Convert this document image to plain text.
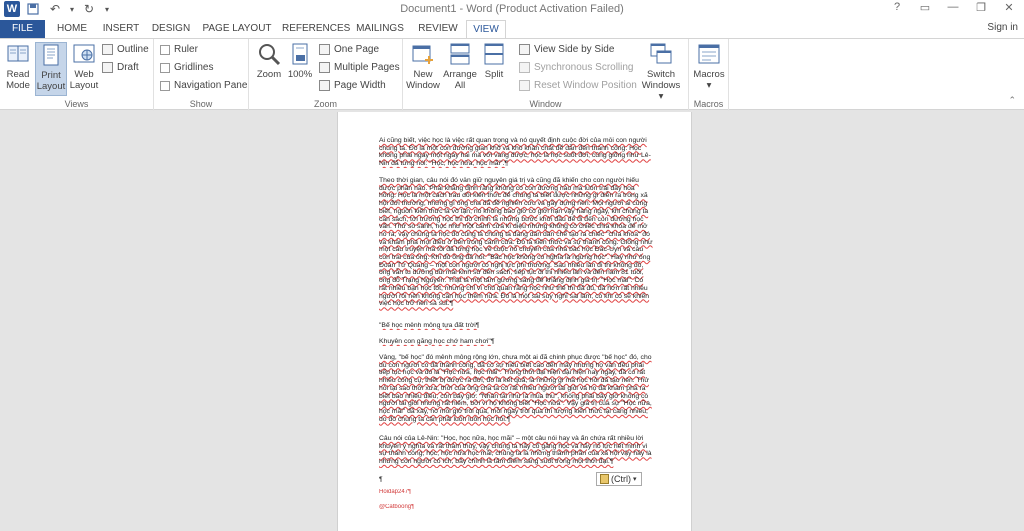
W	↶	▾ ↻	▾	Document1 - Word (Product Activation Failed)	?	▭	—	❐	✕
FILE	HOME	INSERT DESIGN PAGE LAYOUT REFERENCES MAILINGS REVIEW	VIEW	Sign in
Read Mode
Print Layout
Web Layout
Outline
Draft
Views
Ruler
Gridlines
Navigation Pane
Show
Zoom 100%
One Page
Multiple Pages
Page Width
Zoom
New Window
Arrange All
Split
View Side by Side
Synchronous Scrolling
Reset Window Position
Switch Windows ▾
Window
Macros ▾
Macros	⌃
Ai cũng biết, việc học là việc rất quan trọng và nó quyết định cuộc đời của mỗi con người chúng ta. Đó là một con đường gian khổ và khó khăn chắt để dẫn đến thành công. Học không phải ngày một ngày hai mà với vàng được, học là học suốt đời, cũng giống như Lê-Nin đã từng nói: "Học, học nữa, học mãi".¶
Theo thời gian, câu nói đó vẫn giữ nguyên giá trị và cũng đã khiến cho con người hiểu được phần nào. Phải khẳng định rằng không có con đường nào mà luôn trải đầy hoa hồng. Học là một cách trau dồi kiến thức để chúng ta biết được những gì diễn ra trong xã hội đời thường, những gì ông cha đã để nghiên cứu và gầy dựng nên. Mọi người ai cũng biết, nguồn kiến thức là vô tận, nó không bao giờ có giới hạn vậy hàng ngày, khi chúng ta cần sách, tới trường học thì đó chính là những bước khởi đầu để đi đến con đường học vấn. Thử so sánh, học như một cánh cửa kì diệu nhưng không có chiếc chìa khóa để mở nó ra, vậy chúng ta học đó cũng là chúng ta đang dần dần chế tạo ra chiếc "chìa khóa" đó và khám phá mọi điều ở bên trong cánh cửa. Đó là kiến thức và sự thành công. Giống như một câu truyện mà tôi đã từng học về cuộc nỗ chuyến của nhà bác học Đác-Uyn và câu con trai của ông. Khi đó ông đã nói: "Bác học không có nghĩa là ngừng học". Hay như ông Đoàn Tử Quang – một con người có nghị lực phi thường. Sau nhiều lần đi thi không đỗ, ông vẫn tu dưỡng dùi mài kinh sử đèn sách, tiếp tục đi thi nhiều lần và đến năm 81 tuổi, ông đỗ Trạng Nguyên. Thật là một tấm gương sáng để khẳng định giá trị: "Học mãi". Có rất nhiều bạn học tốt, nhưng chỉ vì chủ quan rằng học như thế thì đã đủ, đã hơn rất nhiều người rồi nên không cần học thêm nữa. Đó là một sai suy nghĩ sai lầm, có khi có sẽ khiến việc học trở nên sa sút.¶
"Bể học mênh mông tựa đất trời¶
Khuyên con gắng học chớ ham chơi"¶
Vâng, "bể học" đó mênh mông rộng lớn, chưa một ai đã chinh phục được "bể học" đó, cho dù con người có đã thành công, đã có sự hiểu biết cao đến mấy nhưng họ vẫn đều phải tiếp tục học và đó là "Học nữa, học mãi". Trong thời đại hiện đại hiện nay ngày, đã có rất nhiều công cụ, thiết bị được ra đời, đó là kết quả, là những gì mà học hỏi đã tạo nên. Thử hỏi tại sao thời xưa, thời của ông cha ta có rất nhiều người tài giỏi và họ đã khám phá ra biết bao nhiêu điều, còn bây giờ: "Nhân tài như lá mùa thu", không phải bây giờ không có người tài giỏi nhưng rất hiếm, bởi vì họ không biết "Học nữa". Vậy giá trị của sự "Học nữa, học mãi" đã xây, nó mỗi giờ trôi qua, mỗi ngày trôi qua thì lượng kiến thức lại càng nhiều, do đó chúng ta cần phải luôn luôn học hỏi.¶
Câu nói của Lê-Nin: "Học, học nữa, học mãi" – một câu nói hay và ẩn chứa rất nhiều lời khuyên ý nghĩa và rất thâm thúy, vậy chúng ta hãy cố gắng học và hãy nỗ lực hết mình vì sự thành công, học, học nữa học mãi, chúng ta là những thành phần của xã hội vậy hãy là những con người có ích, bây chính là tấm điểm sáng suốt trong mọi thời đại.¶
¶
Hoidap247¶
@Catboong¶
(Ctrl) ▾
